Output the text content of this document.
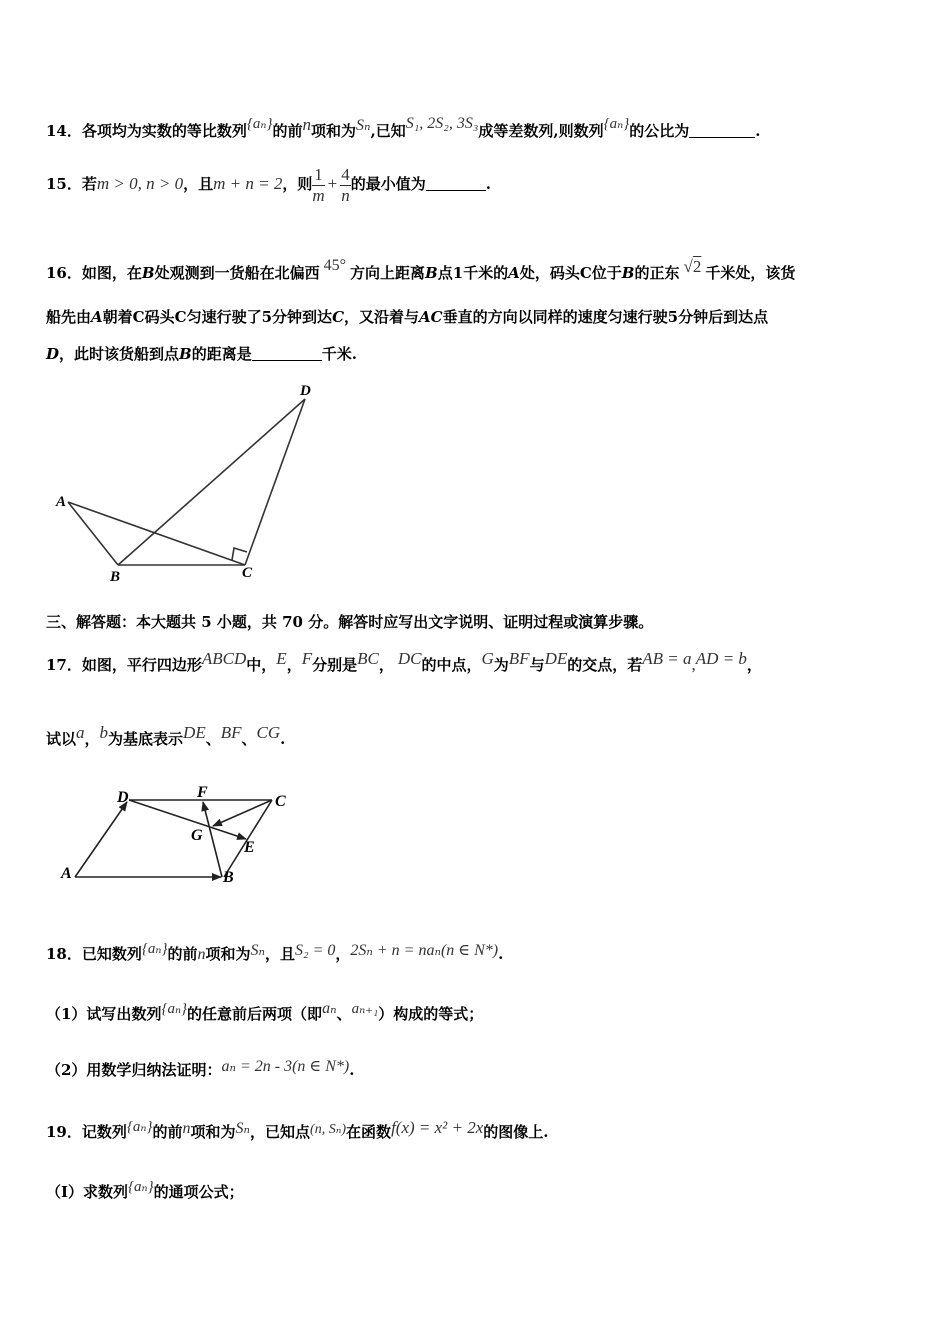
14．各项均为实数的等比数列{aₙ}的前n项和为Sₙ,已知S₁, 2S₂, 3S₃成等差数列,则数列{aₙ}的公比为	.
15．若m > 0, n > 0，且m + n = 2，则 $\frac{1}{m} + \frac{4}{n}$ 的最小值为	.
16．如图，在B处观测到一货船在北偏西 45° 方向上距离B点1千米的A处，码头C位于B的正东 √2 千米处，该货
船先由A朝着C码头C匀速行驶了5分钟到达C，又沿着与AC垂直的方向以同样的速度匀速行驶5分钟后到达点
D，此时该货船到点B的距离是	千米.
A
B	C
D
三、解答题：本大题共 5 小题，共 70 分。解答时应写出文字说明、证明过程或演算步骤。
17．如图，平行四边形ABCD中，E，F分别是BC， DC的中点，G为BF与DE的交点，若AB = a,AD = b，
试以a，b为基底表示DE、BF、CG.
D	F
C
G
E
A	B
18．已知数列{aₙ}的前n项和为Sₙ，且S₂ = 0，2Sₙ + n = naₙ(n ∈ N*).
（1）试写出数列{aₙ}的任意前后两项（即aₙ、aₙ₊₁）构成的等式；
（2）用数学归纳法证明：aₙ = 2n - 3(n ∈ N*).
19．记数列{aₙ}的前n项和为Sₙ，已知点(n, Sₙ)在函数f(x) = x² + 2x的图像上.
（Ⅰ）求数列{aₙ}的通项公式；
